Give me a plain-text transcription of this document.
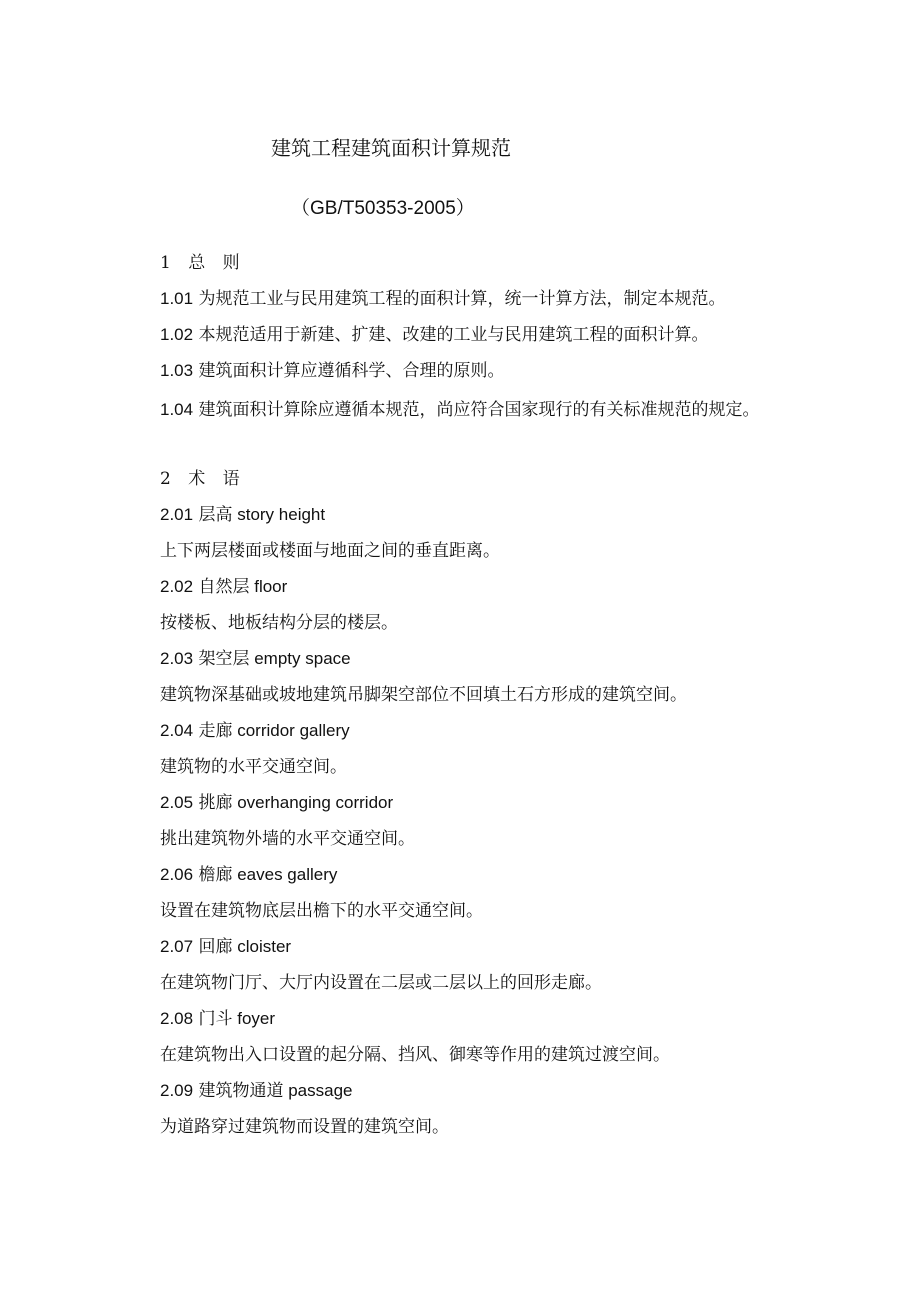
建筑工程建筑面积计算规范
（GB/T50353-2005）
1 总 则
1.01 为规范工业与民用建筑工程的面积计算，统一计算方法，制定本规范。
1.02 本规范适用于新建、扩建、改建的工业与民用建筑工程的面积计算。
1.03 建筑面积计算应遵循科学、合理的原则。
1.04 建筑面积计算除应遵循本规范，尚应符合国家现行的有关标准规范的规定。
2 术 语
2.01 层高 story height
上下两层楼面或楼面与地面之间的垂直距离。
2.02 自然层 floor
按楼板、地板结构分层的楼层。
2.03 架空层 empty space
建筑物深基础或坡地建筑吊脚架空部位不回填土石方形成的建筑空间。
2.04 走廊 corridor gallery
建筑物的水平交通空间。
2.05 挑廊 overhanging corridor
挑出建筑物外墙的水平交通空间。
2.06 檐廊 eaves gallery
设置在建筑物底层出檐下的水平交通空间。
2.07 回廊 cloister
在建筑物门厅、大厅内设置在二层或二层以上的回形走廊。
2.08 门斗 foyer
在建筑物出入口设置的起分隔、挡风、御寒等作用的建筑过渡空间。
2.09 建筑物通道 passage
为道路穿过建筑物而设置的建筑空间。
